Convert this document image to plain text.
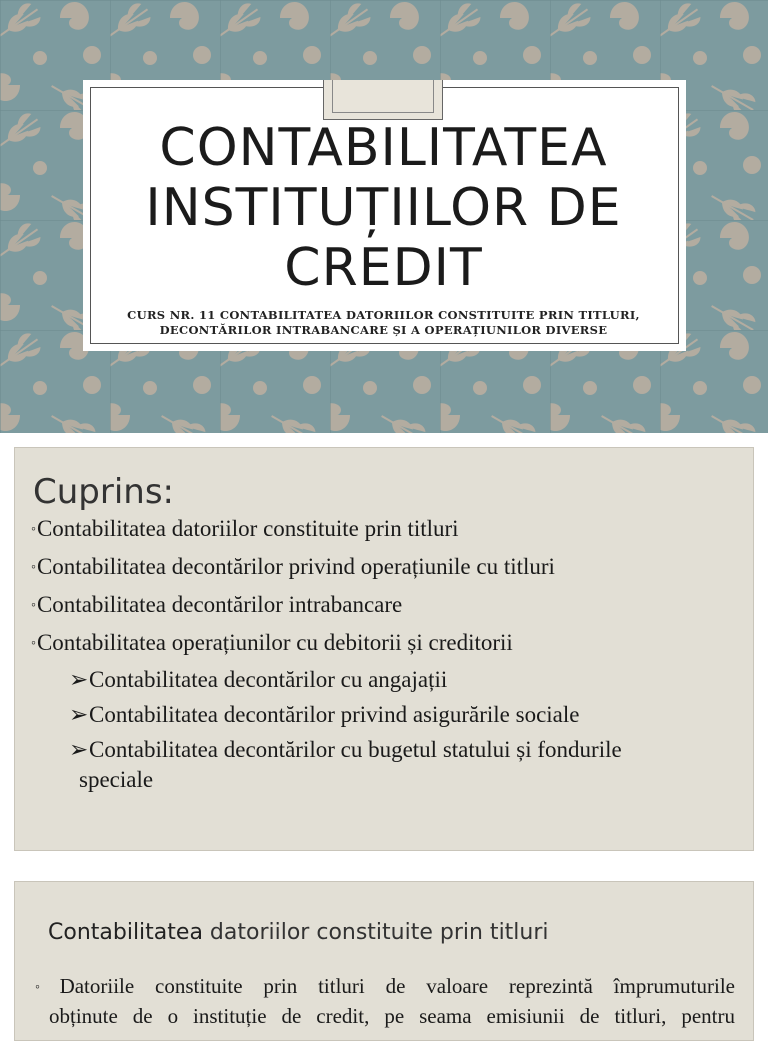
CONTABILITATEA
INSTITUȚIILOR DE
CREDIT
CURS NR. 11 CONTABILITATEA DATORIILOR CONSTITUITE PRIN TITLURI,
DECONTĂRILOR INTRABANCARE ȘI A OPERAȚIUNILOR DIVERSE
Cuprins:
◦Contabilitatea datoriilor constituite prin titluri
◦Contabilitatea decontărilor privind operațiunile cu titluri
◦Contabilitatea decontărilor intrabancare
◦Contabilitatea operațiunilor cu debitorii și creditorii
➢Contabilitatea decontărilor cu angajații
➢Contabilitatea decontărilor privind asigurările sociale
➢Contabilitatea decontărilor cu bugetul statului și fondurile
speciale
Contabilitatea datoriilor constituite prin titluri
◦ Datoriile constituite prin titluri de valoare reprezintă împrumuturile
obținute de o instituție de credit, pe seama emisiunii de titluri, pentru
